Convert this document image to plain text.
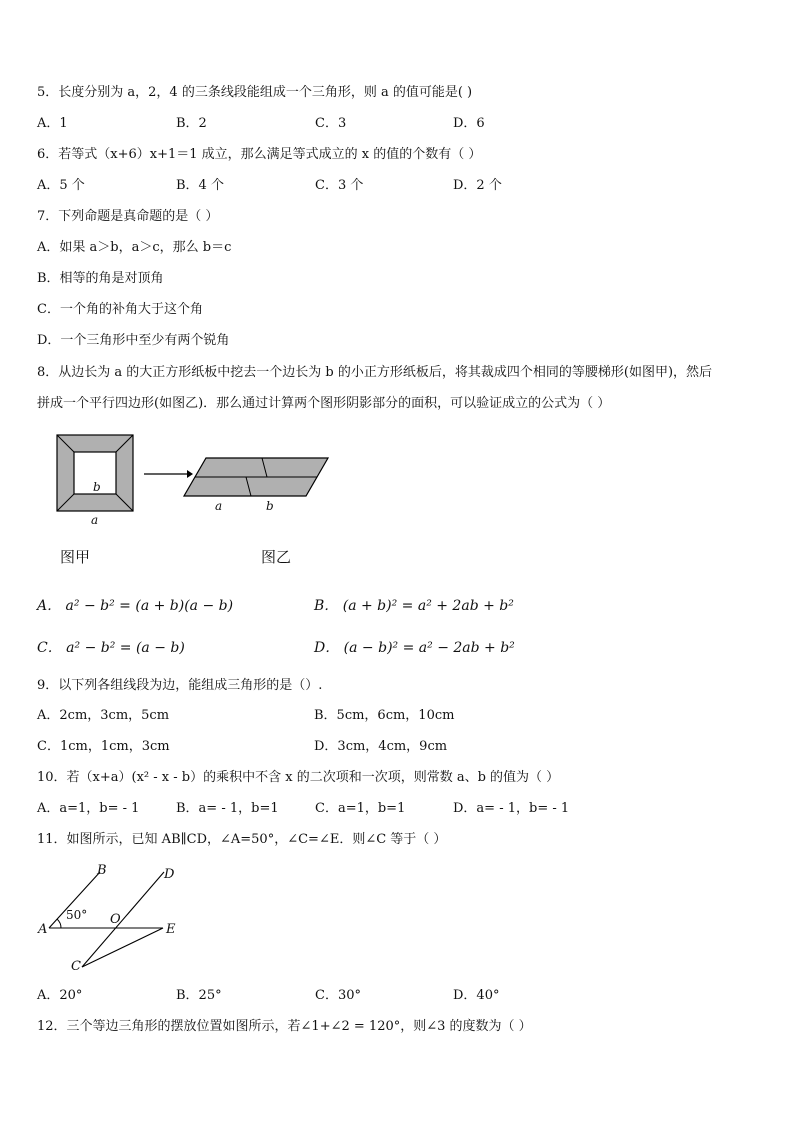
5．长度分别为 a，2，4 的三条线段能组成一个三角形，则 a 的值可能是( )
A．1	B．2	C．3	D．6
6．若等式（x+6）x+1＝1 成立，那么满足等式成立的 x 的值的个数有（ ）
A．5 个	B．4 个	C．3 个	D．2 个
7．下列命题是真命题的是（ ）
A．如果 a＞b，a＞c，那么 b＝c
B．相等的角是对顶角
C．一个角的补角大于这个角
D．一个三角形中至少有两个锐角
8．从边长为 a 的大正方形纸板中挖去一个边长为 b 的小正方形纸板后，将其裁成四个相同的等腰梯形(如图甲)，然后
拼成一个平行四边形(如图乙)．那么通过计算两个图形阴影部分的面积，可以验证成立的公式为（ ）
b
a
a	b
图甲	图乙
A． a² − b² = (a + b)(a − b)	B． (a + b)² = a² + 2ab + b²
C． a² − b² = (a − b)	D． (a − b)² = a² − 2ab + b²
9．以下列各组线段为边，能组成三角形的是（）.
A．2cm，3cm，5cm	B．5cm，6cm，10cm
C．1cm，1cm，3cm	D．3cm，4cm，9cm
10．若（x+a）(x² - x - b）的乘积中不含 x 的二次项和一次项，则常数 a、b 的值为（ ）
A．a=1，b= - 1	B．a= - 1，b=1	C．a=1，b=1	D．a= - 1，b= - 1
11．如图所示，已知 AB∥CD，∠A=50°，∠C=∠E．则∠C 等于（ ）
B	D
50° O
A	E
C
A．20°	B．25°	C．30°	D．40°
12．三个等边三角形的摆放位置如图所示，若∠1+∠2 = 120°，则∠3 的度数为（ ）
